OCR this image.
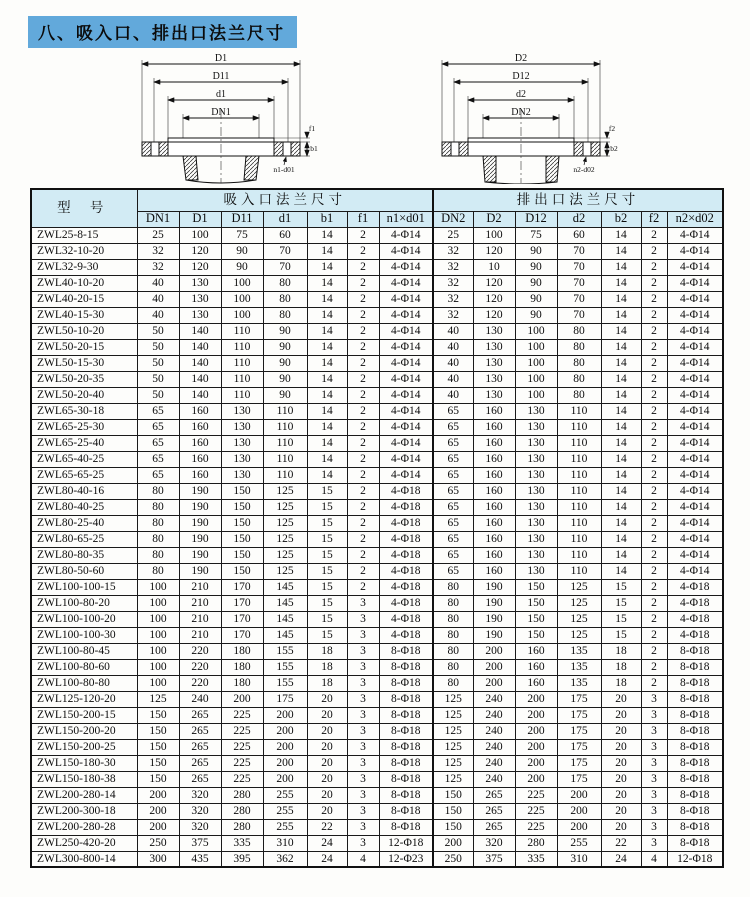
八、吸入口、排出口法兰尺寸
D1
D11
d1
DN1
f1
b1
n1-d01
D2
D12
d2
DN2
f2
b2
n2-d02
型 号	吸入口法兰尺寸							排出口法兰尺寸						
	DN1	D1	D11	d1	b1	f1	n1×d01	DN2	D2	D12	d2	b2	f2	n2×d02
ZWL25-8-15	25	100	75	60	14	2	4-Φ14	25	100	75	60	14	2	4-Φ14
ZWL32-10-20	32	120	90	70	14	2	4-Φ14	32	120	90	70	14	2	4-Φ14
ZWL32-9-30	32	120	90	70	14	2	4-Φ14	32	10	90	70	14	2	4-Φ14
ZWL40-10-20	40	130	100	80	14	2	4-Φ14	32	120	90	70	14	2	4-Φ14
ZWL40-20-15	40	130	100	80	14	2	4-Φ14	32	120	90	70	14	2	4-Φ14
ZWL40-15-30	40	130	100	80	14	2	4-Φ14	32	120	90	70	14	2	4-Φ14
ZWL50-10-20	50	140	110	90	14	2	4-Φ14	40	130	100	80	14	2	4-Φ14
ZWL50-20-15	50	140	110	90	14	2	4-Φ14	40	130	100	80	14	2	4-Φ14
ZWL50-15-30	50	140	110	90	14	2	4-Φ14	40	130	100	80	14	2	4-Φ14
ZWL50-20-35	50	140	110	90	14	2	4-Φ14	40	130	100	80	14	2	4-Φ14
ZWL50-20-40	50	140	110	90	14	2	4-Φ14	40	130	100	80	14	2	4-Φ14
ZWL65-30-18	65	160	130	110	14	2	4-Φ14	65	160	130	110	14	2	4-Φ14
ZWL65-25-30	65	160	130	110	14	2	4-Φ14	65	160	130	110	14	2	4-Φ14
ZWL65-25-40	65	160	130	110	14	2	4-Φ14	65	160	130	110	14	2	4-Φ14
ZWL65-40-25	65	160	130	110	14	2	4-Φ14	65	160	130	110	14	2	4-Φ14
ZWL65-65-25	65	160	130	110	14	2	4-Φ14	65	160	130	110	14	2	4-Φ14
ZWL80-40-16	80	190	150	125	15	2	4-Φ18	65	160	130	110	14	2	4-Φ14
ZWL80-40-25	80	190	150	125	15	2	4-Φ18	65	160	130	110	14	2	4-Φ14
ZWL80-25-40	80	190	150	125	15	2	4-Φ18	65	160	130	110	14	2	4-Φ14
ZWL80-65-25	80	190	150	125	15	2	4-Φ18	65	160	130	110	14	2	4-Φ14
ZWL80-80-35	80	190	150	125	15	2	4-Φ18	65	160	130	110	14	2	4-Φ14
ZWL80-50-60	80	190	150	125	15	2	4-Φ18	65	160	130	110	14	2	4-Φ14
ZWL100-100-15	100	210	170	145	15	2	4-Φ18	80	190	150	125	15	2	4-Φ18
ZWL100-80-20	100	210	170	145	15	3	4-Φ18	80	190	150	125	15	2	4-Φ18
ZWL100-100-20	100	210	170	145	15	3	4-Φ18	80	190	150	125	15	2	4-Φ18
ZWL100-100-30	100	210	170	145	15	3	4-Φ18	80	190	150	125	15	2	4-Φ18
ZWL100-80-45	100	220	180	155	18	3	8-Φ18	80	200	160	135	18	2	8-Φ18
ZWL100-80-60	100	220	180	155	18	3	8-Φ18	80	200	160	135	18	2	8-Φ18
ZWL100-80-80	100	220	180	155	18	3	8-Φ18	80	200	160	135	18	2	8-Φ18
ZWL125-120-20	125	240	200	175	20	3	8-Φ18	125	240	200	175	20	3	8-Φ18
ZWL150-200-15	150	265	225	200	20	3	8-Φ18	125	240	200	175	20	3	8-Φ18
ZWL150-200-20	150	265	225	200	20	3	8-Φ18	125	240	200	175	20	3	8-Φ18
ZWL150-200-25	150	265	225	200	20	3	8-Φ18	125	240	200	175	20	3	8-Φ18
ZWL150-180-30	150	265	225	200	20	3	8-Φ18	125	240	200	175	20	3	8-Φ18
ZWL150-180-38	150	265	225	200	20	3	8-Φ18	125	240	200	175	20	3	8-Φ18
ZWL200-280-14	200	320	280	255	20	3	8-Φ18	150	265	225	200	20	3	8-Φ18
ZWL200-300-18	200	320	280	255	20	3	8-Φ18	150	265	225	200	20	3	8-Φ18
ZWL200-280-28	200	320	280	255	22	3	8-Φ18	150	265	225	200	20	3	8-Φ18
ZWL250-420-20	250	375	335	310	24	3	12-Φ18	200	320	280	255	22	3	8-Φ18
ZWL300-800-14	300	435	395	362	24	4	12-Φ23	250	375	335	310	24	4	12-Φ18
